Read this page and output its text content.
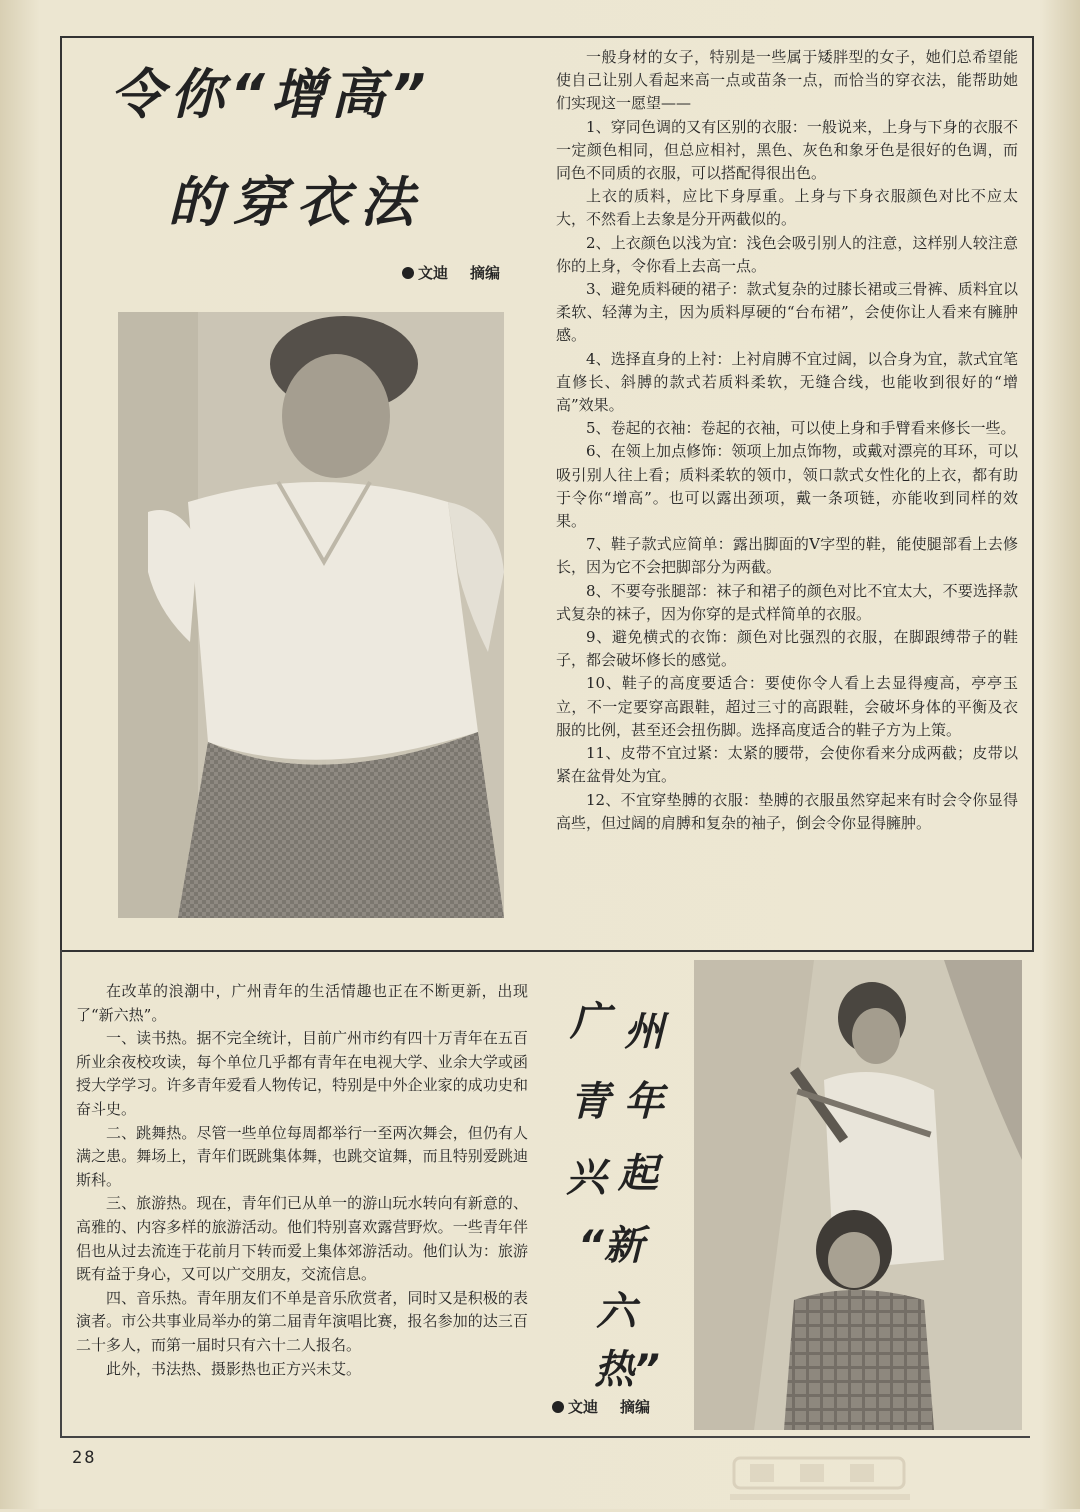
令你“增高”
的穿衣法
文迪 摘编

一般身材的女子，特别是一些属于矮胖型的女子，她们总希望能使自己让别人看起来高一点或苗条一点，而恰当的穿衣法，能帮助她们实现这一愿望——

1、穿同色调的又有区别的衣服：一般说来，上身与下身的衣服不一定颜色相同，但总应相衬，黑色、灰色和象牙色是很好的色调，而同色不同质的衣服，可以搭配得很出色。

上衣的质料，应比下身厚重。上身与下身衣服颜色对比不应太大，不然看上去象是分开两截似的。

2、上衣颜色以浅为宜：浅色会吸引别人的注意，这样别人较注意你的上身，令你看上去高一点。

3、避免质料硬的裙子：款式复杂的过膝长裙或三骨裤、质料宜以柔软、轻薄为主，因为质料厚硬的“台布裙”，会使你让人看来有臃肿感。

4、选择直身的上衬：上衬肩膊不宜过阔，以合身为宜，款式宜笔直修长、斜膊的款式若质料柔软，无缝合线，也能收到很好的“增高”效果。

5、卷起的衣袖：卷起的衣袖，可以使上身和手臂看来修长一些。

6、在领上加点修饰：领项上加点饰物，或戴对漂亮的耳环，可以吸引别人往上看；质料柔软的领巾，领口款式女性化的上衣，都有助于令你“增高”。也可以露出颈项，戴一条项链，亦能收到同样的效果。

7、鞋子款式应简单：露出脚面的V字型的鞋，能使腿部看上去修长，因为它不会把脚部分为两截。

8、不要夸张腿部：袜子和裙子的颜色对比不宜太大，不要选择款式复杂的袜子，因为你穿的是式样简单的衣服。

9、避免横式的衣饰：颜色对比强烈的衣服，在脚跟缚带子的鞋子，都会破坏修长的感觉。

10、鞋子的高度要适合：要使你令人看上去显得瘦高，亭亭玉立，不一定要穿高跟鞋，超过三寸的高跟鞋，会破坏身体的平衡及衣服的比例，甚至还会扭伤脚。选择高度适合的鞋子方为上策。

11、皮带不宜过紧：太紧的腰带，会使你看来分成两截；皮带以紧在盆骨处为宜。

12、不宜穿垫膊的衣服：垫膊的衣服虽然穿起来有时会令你显得高些，但过阔的肩膊和复杂的袖子，倒会令你显得臃肿。

在改革的浪潮中，广州青年的生活情趣也正在不断更新，出现了“新六热”。

一、读书热。据不完全统计，目前广州市约有四十万青年在五百所业余夜校攻读，每个单位几乎都有青年在电视大学、业余大学或函授大学学习。许多青年爱看人物传记，特别是中外企业家的成功史和奋斗史。

二、跳舞热。尽管一些单位每周都举行一至两次舞会，但仍有人满之患。舞场上，青年们既跳集体舞，也跳交谊舞，而且特别爱跳迪斯科。

三、旅游热。现在，青年们已从单一的游山玩水转向有新意的、高雅的、内容多样的旅游活动。他们特别喜欢露营野炊。一些青年伴侣也从过去流连于花前月下转而爱上集体郊游活动。他们认为：旅游既有益于身心，又可以广交朋友，交流信息。

四、音乐热。青年朋友们不单是音乐欣赏者，同时又是积极的表演者。市公共事业局举办的第二届青年演唱比赛，报名参加的达三百二十多人，而第一届时只有六十二人报名。

此外，书法热、摄影热也正方兴未艾。

广 州
青 年
兴 起
“新
六
热”
文迪 摘编
28
